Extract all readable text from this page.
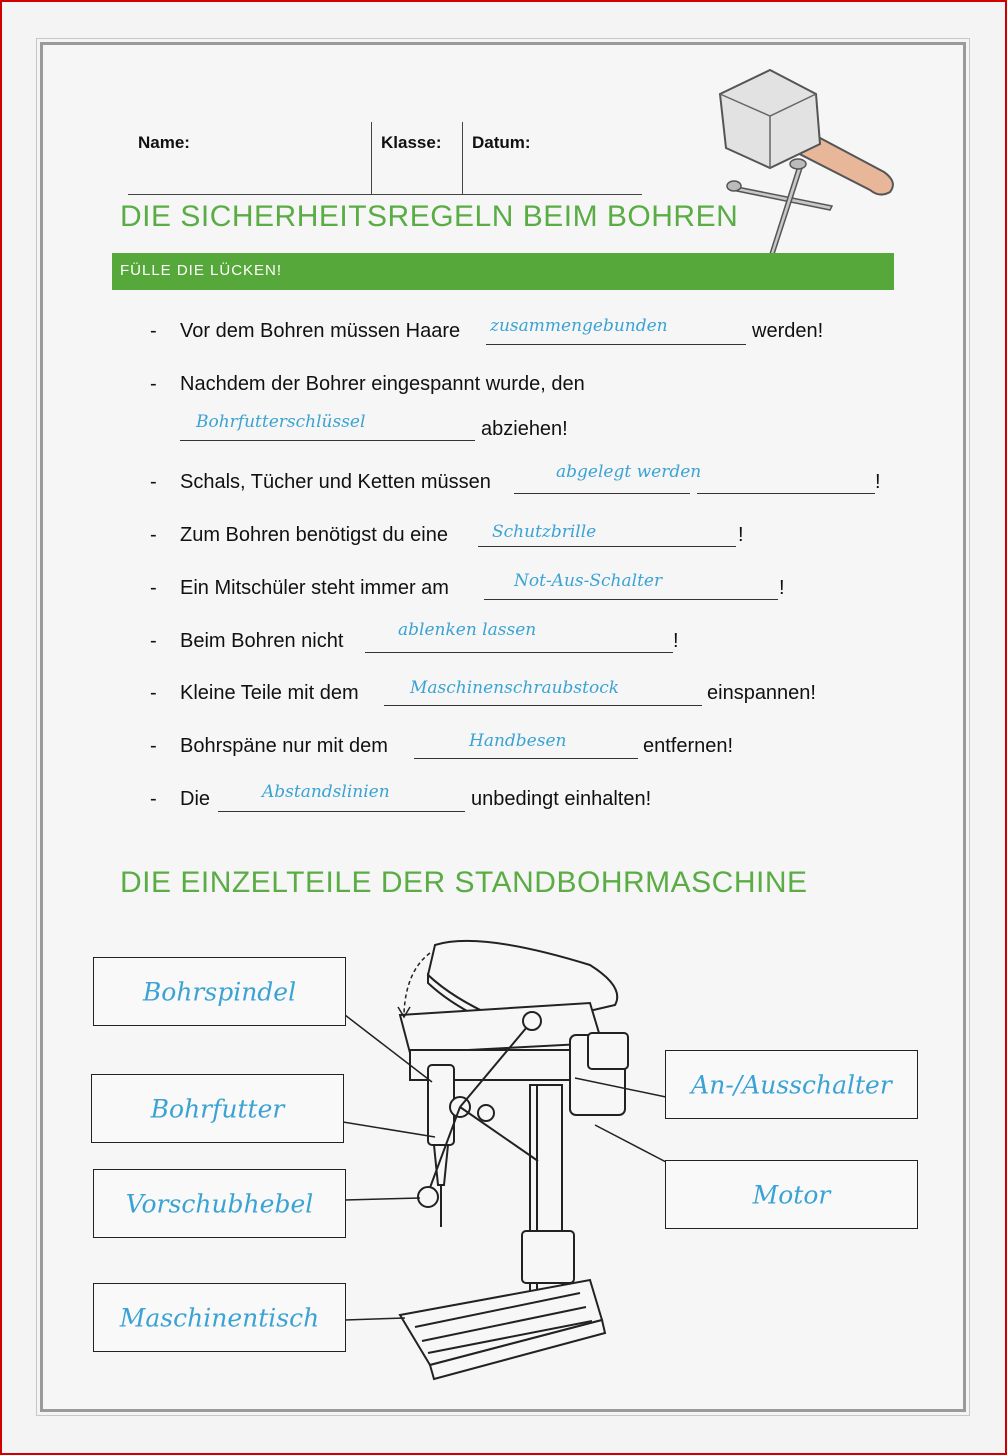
Name:	Klasse: Datum:
DIE SICHERHEITSREGELN BEIM BOHREN
FÜLLE DIE LÜCKEN!
- Vor dem Bohren müssen Haare zusammengebunden	werden!
- Nachdem der Bohrer eingespannt wurde, den
Bohrfutterschlüssel	abziehen!
- Schals, Tücher und Ketten müssen	abgelegt werden	!
- Zum Bohren benötigst du eine	Schutzbrille	!
- Ein Mitschüler steht immer am	Not-Aus-Schalter	!
- Beim Bohren nicht	ablenken lassen	!
- Kleine Teile mit dem	Maschinenschraubstock	einspannen!
- Bohrspäne nur mit dem	Handbesen	entfernen!
- Die	Abstandslinien	unbedingt einhalten!
DIE EINZELTEILE DER STANDBOHRMASCHINE
Bohrspindel
Bohrfutter
Vorschubhebel
Maschinentisch
An-/Ausschalter
Motor
